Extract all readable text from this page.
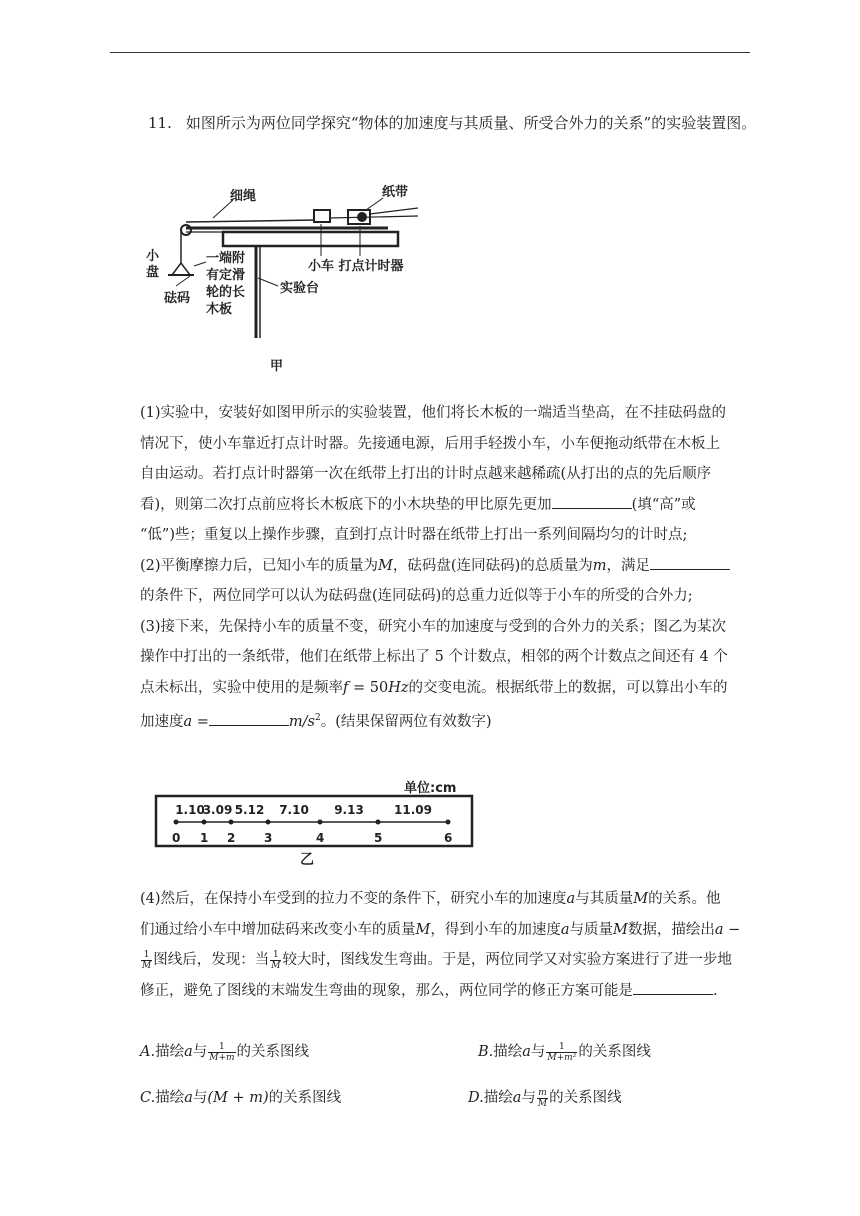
11. 如图所示为两位同学探究“物体的加速度与其质量、所受合外力的关系”的实验装置图。
细绳	纸带
小
盘
砝码
一端附
有定滑
轮的长
木板
小车 打点计时器
实验台
甲
(1)实验中，安装好如图甲所示的实验装置，他们将长木板的一端适当垫高，在不挂砝码盘的
情况下，使小车靠近打点计时器。先接通电源，后用手轻拨小车，小车便拖动纸带在木板上
自由运动。若打点计时器第一次在纸带上打出的计时点越来越稀疏(从打出的点的先后顺序
看)，则第二次打点前应将长木板底下的小木块垫的甲比原先更加	(填“高”或
“低”)些；重复以上操作步骤，直到打点计时器在纸带上打出一系列间隔均匀的计时点;
(2)平衡摩擦力后，已知小车的质量为M，砝码盘(连同砝码)的总质量为m，满足
的条件下，两位同学可以认为砝码盘(连同砝码)的总重力近似等于小车的所受的合外力;
(3)接下来，先保持小车的质量不变，研究小车的加速度与受到的合外力的关系；图乙为某次
操作中打出的一条纸带，他们在纸带上标出了 5 个计数点，相邻的两个计数点之间还有 4 个
点未标出，实验中使用的是频率f = 50Hz的交变电流。根据纸带上的数据，可以算出小车的
加速度a =	$m/s^2$。(结果保留两位有效数字)
单位:cm
0 1 2 3	4	5	6
1.10
3.09 5.12 7.10 9.13	11.09
乙
(4)然后，在保持小车受到的拉力不变的条件下，研究小车的加速度a与其质量M的关系。他
们通过给小车中增加砝码来改变小车的质量M，得到小车的加速度a与质量M数据，描绘出a −
$\frac{1}{M}$ 图线后，发现：当 $\frac{1}{M}$ 较大时，图线发生弯曲。于是，两位同学又对实验方案进行了进一步地
修正，避免了图线的末端发生弯曲的现象，那么，两位同学的修正方案可能是	.
A.描绘a与 $\frac{1}{M+m}$ 的关系图线	B.描绘a与 $\frac{1}{\text{M+m²}}$ 的关系图线
C.描绘a与(M + m)的关系图线	D.描绘a与 $\frac{m}{M}$ 的关系图线
